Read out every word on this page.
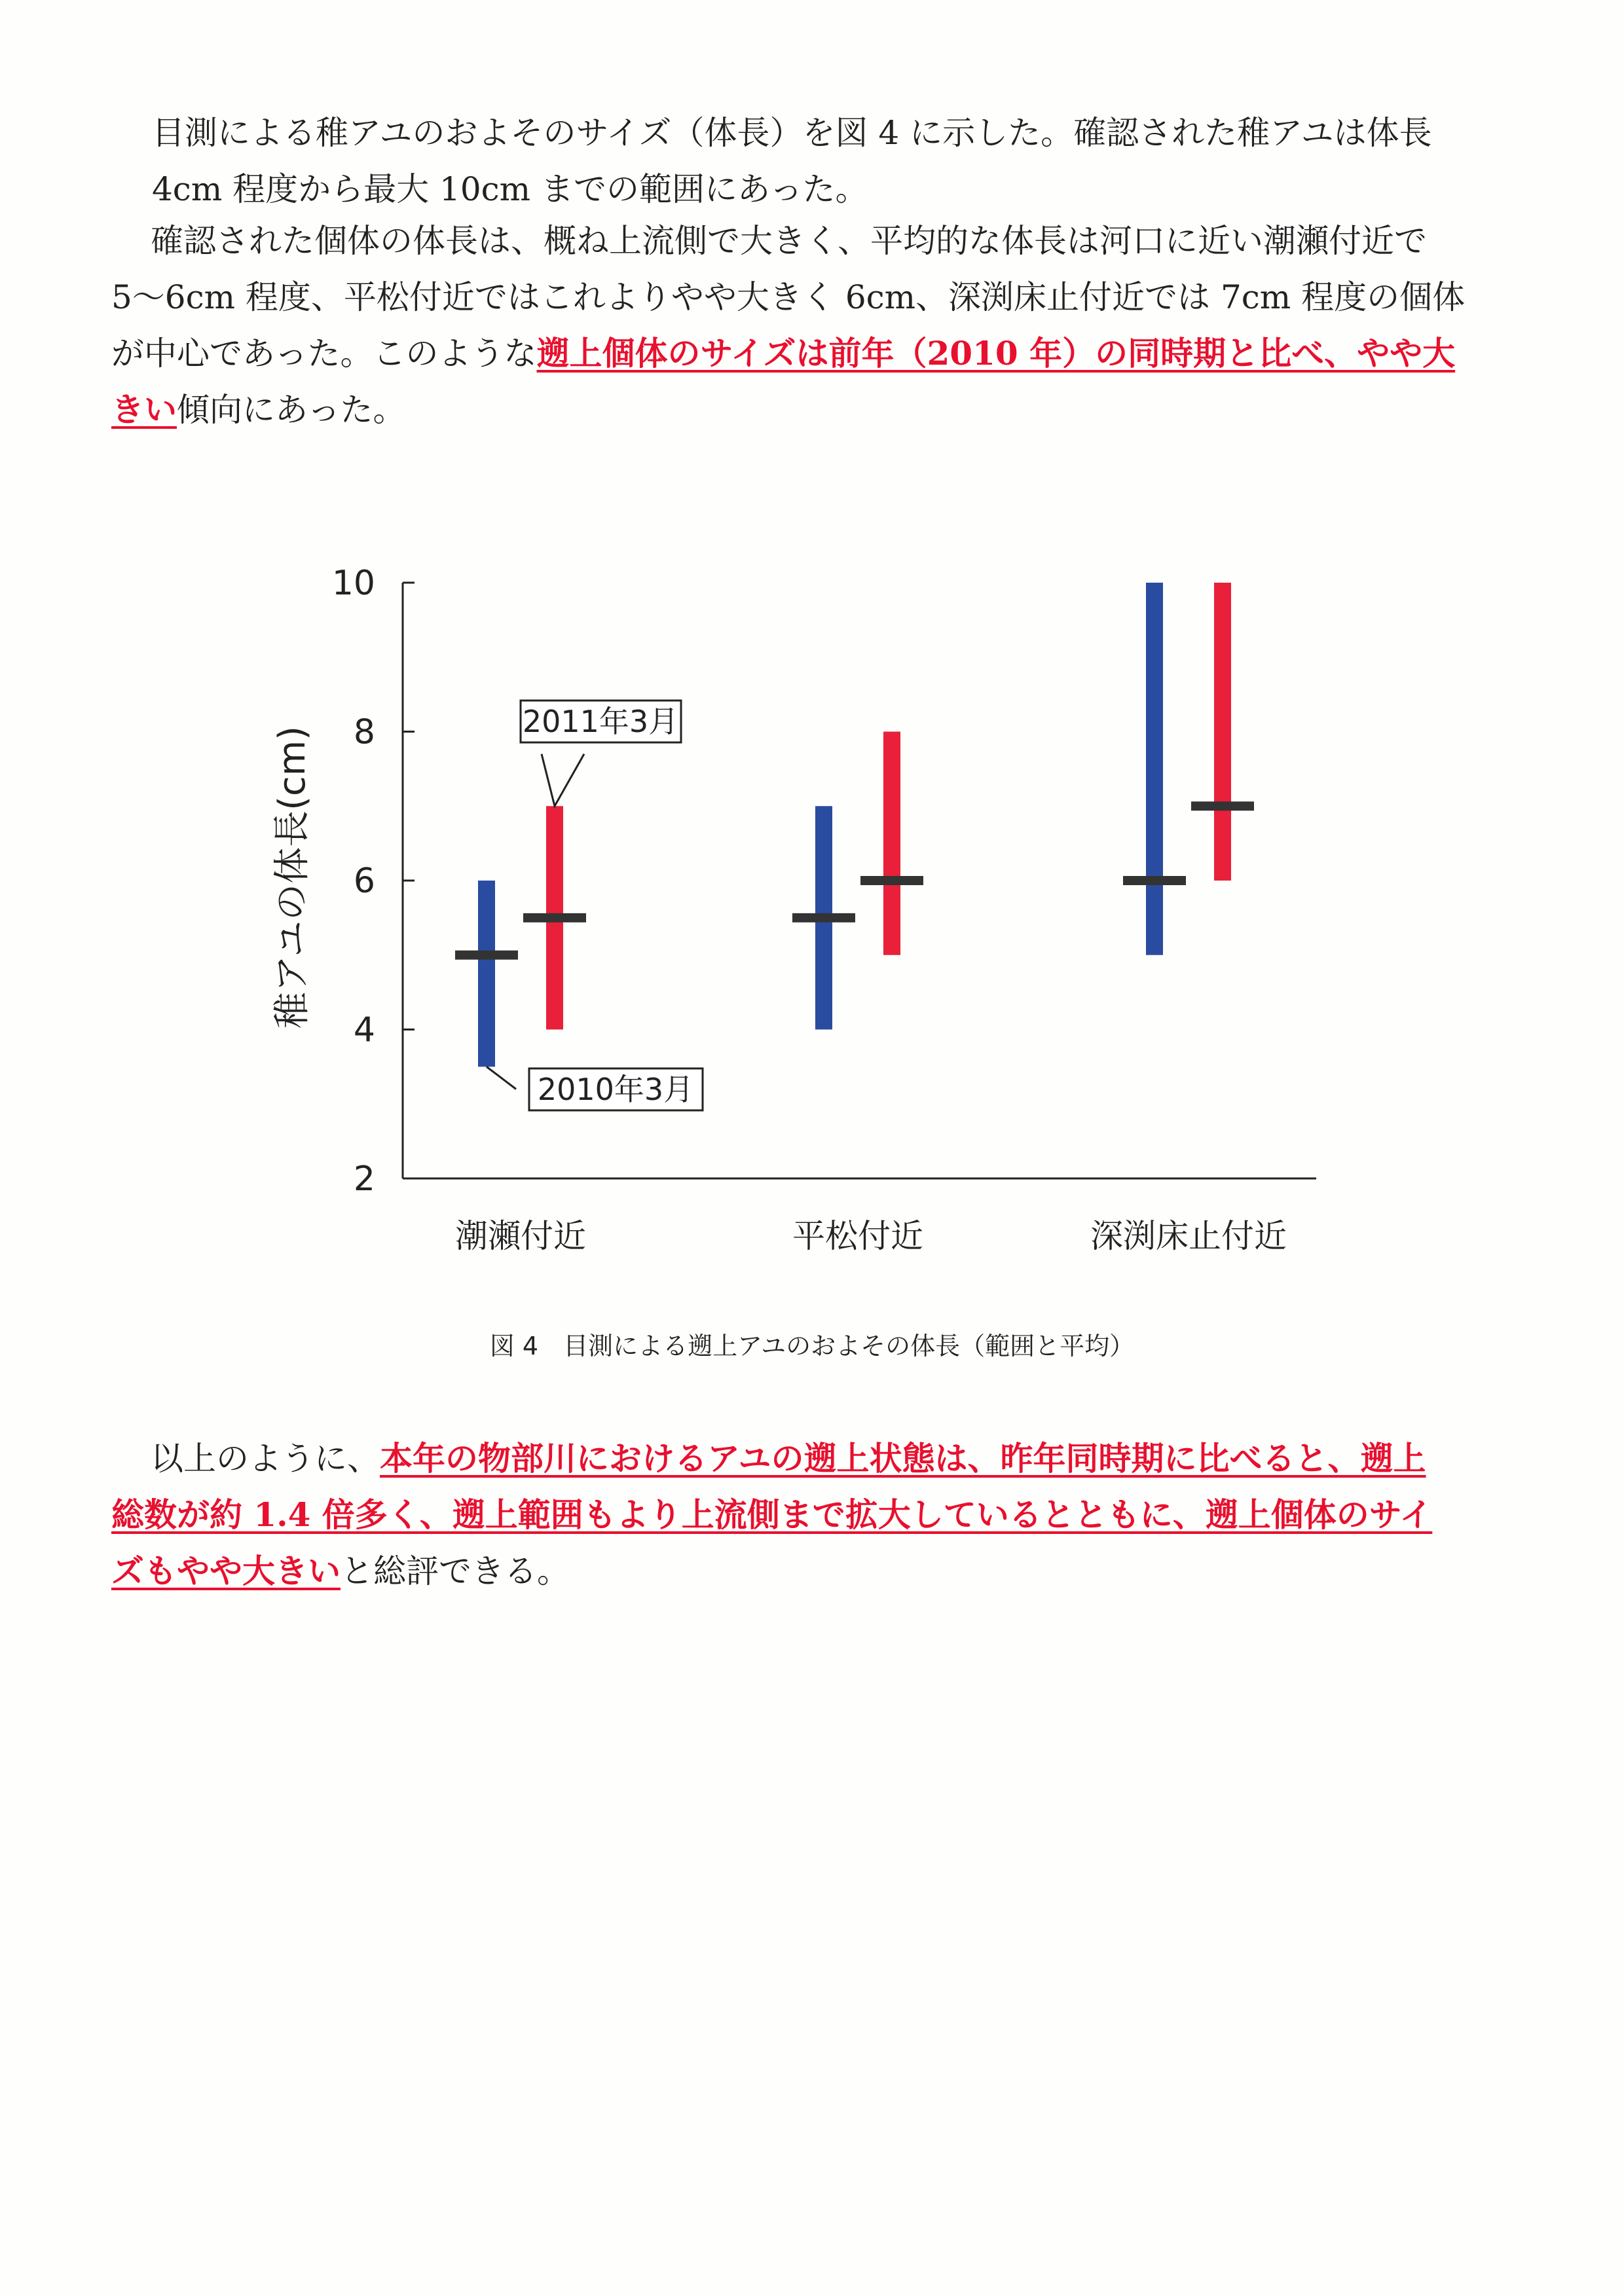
目測による稚アユのおよそのサイズ（体長）を図 4 に示した。確認された稚アユは体長
4cm 程度から最大 10cm までの範囲にあった。

確認された個体の体長は、概ね上流側で大きく、平均的な体長は河口に近い潮瀬付近で
5〜6cm 程度、平松付近ではこれよりやや大きく 6cm、深渕床止付近では 7cm 程度の個体
が中心であった。このような遡上個体のサイズは前年（2010 年）の同時期と比べ、やや大
きい傾向にあった。

2
4
6
8
10
稚アユの体長(cm)
潮瀬付近	平松付近	深渕床止付近
2011年3月
2010年3月
図 4　目測による遡上アユのおよその体長（範囲と平均）

以上のように、本年の物部川におけるアユの遡上状態は、昨年同時期に比べると、遡上
総数が約 1.4 倍多く、遡上範囲もより上流側まで拡大しているとともに、遡上個体のサイ
ズもやや大きいと総評できる。
